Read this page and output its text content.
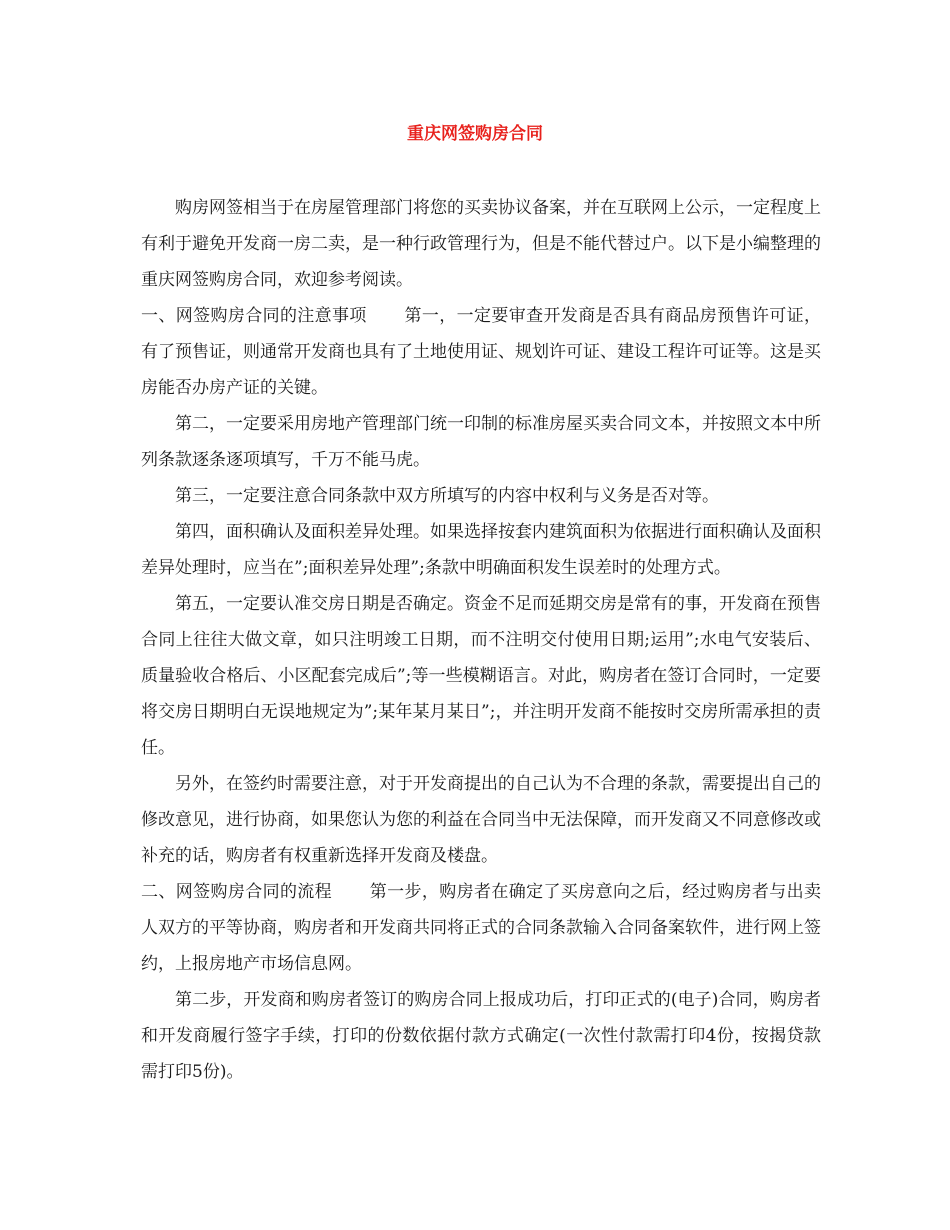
重庆网签购房合同

购房网签相当于在房屋管理部门将您的买卖协议备案，并在互联网上公示，一定程度上有利于避免开发商一房二卖，是一种行政管理行为，但是不能代替过户。以下是小编整理的重庆网签购房合同，欢迎参考阅读。

一、网签购房合同的注意事项 第一，一定要审查开发商是否具有商品房预售许可证，有了预售证，则通常开发商也具有了土地使用证、规划许可证、建设工程许可证等。这是买房能否办房产证的关键。

第二，一定要采用房地产管理部门统一印制的标准房屋买卖合同文本，并按照文本中所列条款逐条逐项填写，千万不能马虎。

第三，一定要注意合同条款中双方所填写的内容中权利与义务是否对等。

第四，面积确认及面积差异处理。如果选择按套内建筑面积为依据进行面积确认及面积差异处理时，应当在”;面积差异处理”;条款中明确面积发生误差时的处理方式。

第五，一定要认准交房日期是否确定。资金不足而延期交房是常有的事，开发商在预售合同上往往大做文章，如只注明竣工日期，而不注明交付使用日期;运用”;水电气安装后、质量验收合格后、小区配套完成后”;等一些模糊语言。对此，购房者在签订合同时，一定要将交房日期明白无误地规定为”;某年某月某日”;，并注明开发商不能按时交房所需承担的责任。

另外，在签约时需要注意，对于开发商提出的自己认为不合理的条款，需要提出自己的修改意见，进行协商，如果您认为您的利益在合同当中无法保障，而开发商又不同意修改或补充的话，购房者有权重新选择开发商及楼盘。

二、网签购房合同的流程 第一步，购房者在确定了买房意向之后，经过购房者与出卖人双方的平等协商，购房者和开发商共同将正式的合同条款输入合同备案软件，进行网上签约，上报房地产市场信息网。

第二步，开发商和购房者签订的购房合同上报成功后，打印正式的(电子)合同，购房者和开发商履行签字手续，打印的份数依据付款方式确定(一次性付款需打印4份，按揭贷款需打印5份)。
